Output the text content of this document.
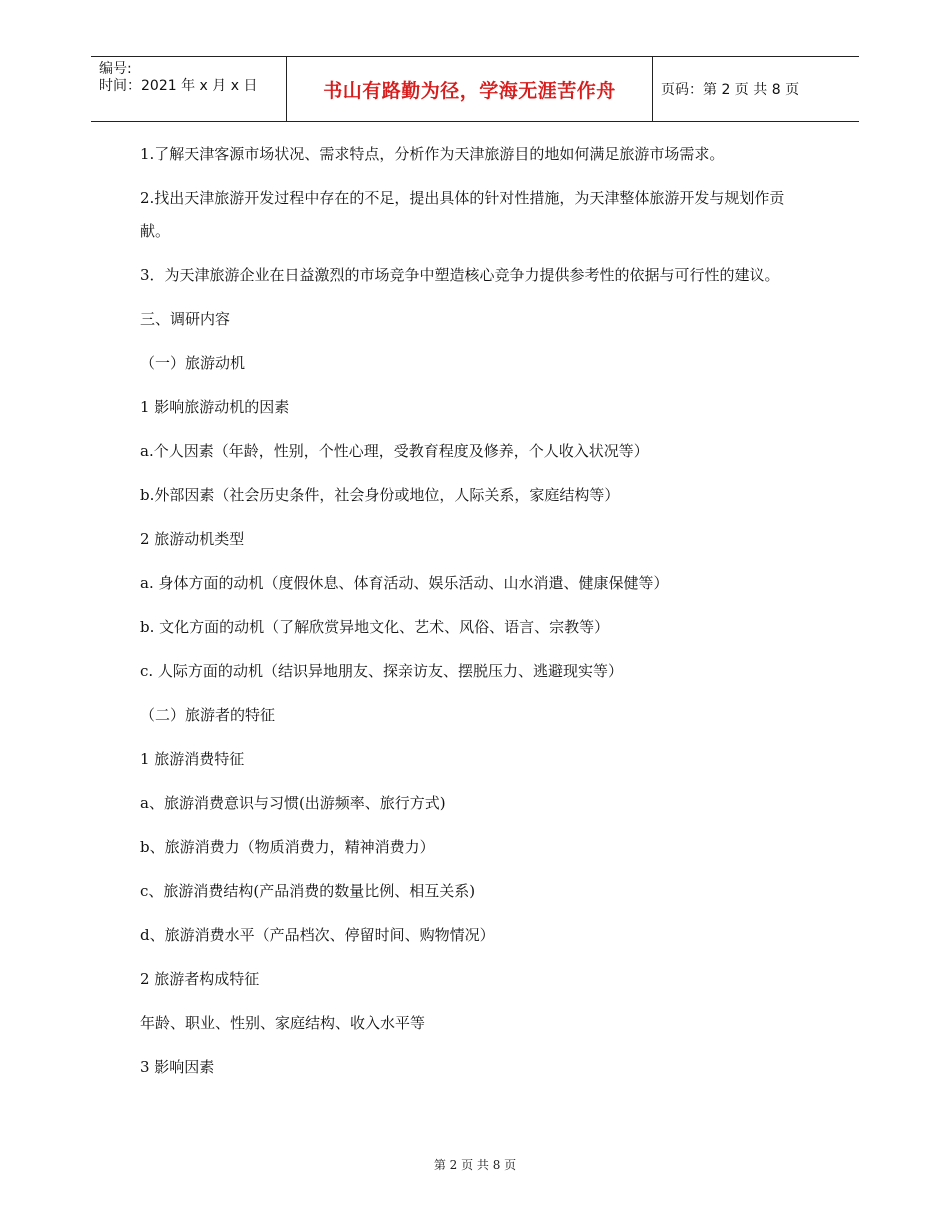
编号:
时间：2021 年 x 月 x 日	书山有路勤为径，学海无涯苦作舟	页码：第 2 页 共 8 页

1.了解天津客源市场状况、需求特点，分析作为天津旅游目的地如何满足旅游市场需求。

2.找出天津旅游开发过程中存在的不足，提出具体的针对性措施，为天津整体旅游开发与规划作贡献。

3．为天津旅游企业在日益激烈的市场竞争中塑造核心竞争力提供参考性的依据与可行性的建议。

三、调研内容

（一）旅游动机

1 影响旅游动机的因素

a.个人因素（年龄，性别，个性心理，受教育程度及修养，个人收入状况等）

b.外部因素（社会历史条件，社会身份或地位，人际关系，家庭结构等）

2 旅游动机类型

a. 身体方面的动机（度假休息、体育活动、娱乐活动、山水消遣、健康保健等）

b. 文化方面的动机（了解欣赏异地文化、艺术、风俗、语言、宗教等）

c. 人际方面的动机（结识异地朋友、探亲访友、摆脱压力、逃避现实等）

（二）旅游者的特征

1 旅游消费特征

a、旅游消费意识与习惯(出游频率、旅行方式)

b、旅游消费力（物质消费力，精神消费力）

c、旅游消费结构(产品消费的数量比例、相互关系)

d、旅游消费水平（产品档次、停留时间、购物情况）

2 旅游者构成特征

年龄、职业、性别、家庭结构、收入水平等

3 影响因素

第 2 页 共 8 页
